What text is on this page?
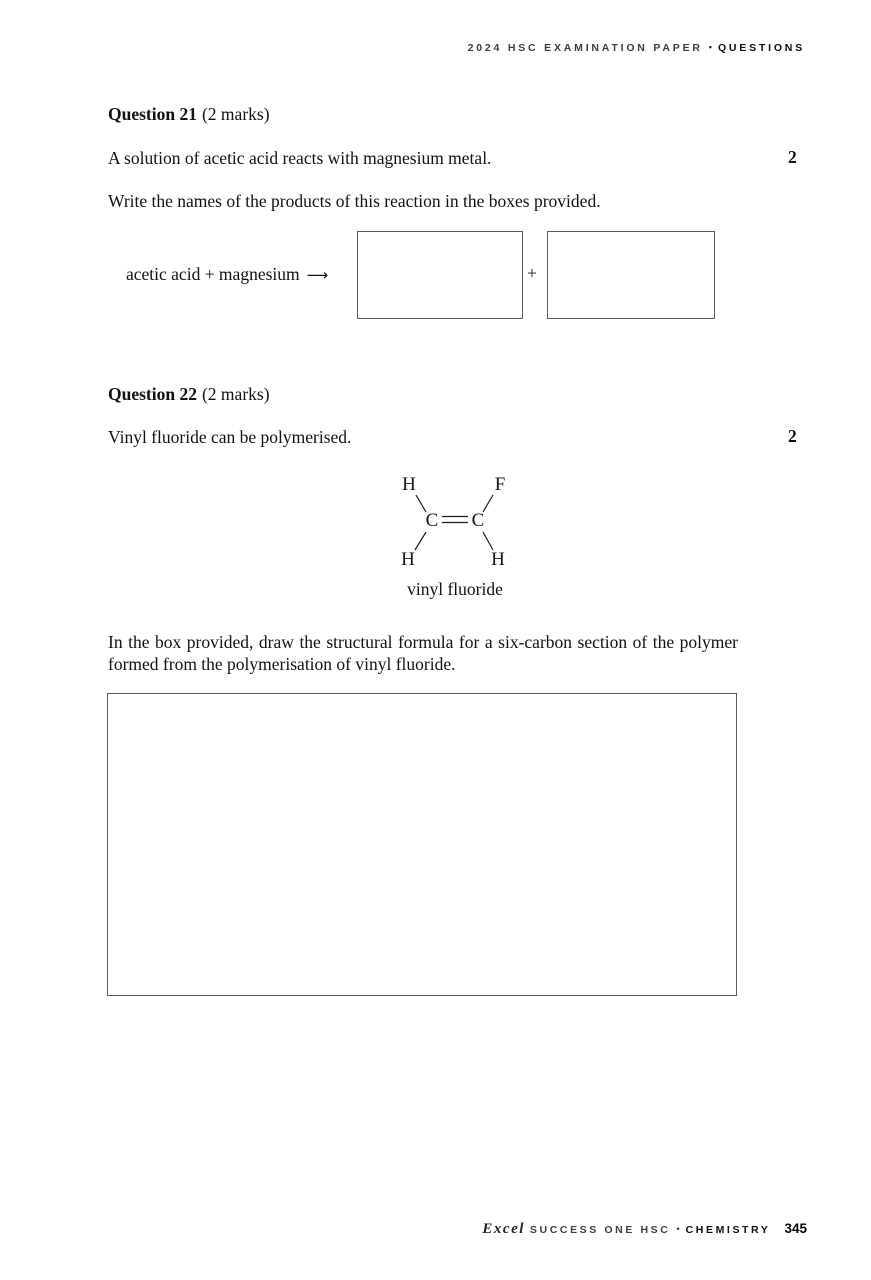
2024 HSC EXAMINATION PAPER • QUESTIONS
Question 21 (2 marks)
A solution of acetic acid reacts with magnesium metal.	2
Write the names of the products of this reaction in the boxes provided.
acetic acid + magnesium ⟶	+
Question 22 (2 marks)
Vinyl fluoride can be polymerised.	2
H	F
C C
H	H
vinyl fluoride
In the box provided, draw the structural formula for a six-carbon section of the polymer formed from the polymerisation of vinyl fluoride.
Excel SUCCESS ONE HSC • CHEMISTRY 345
